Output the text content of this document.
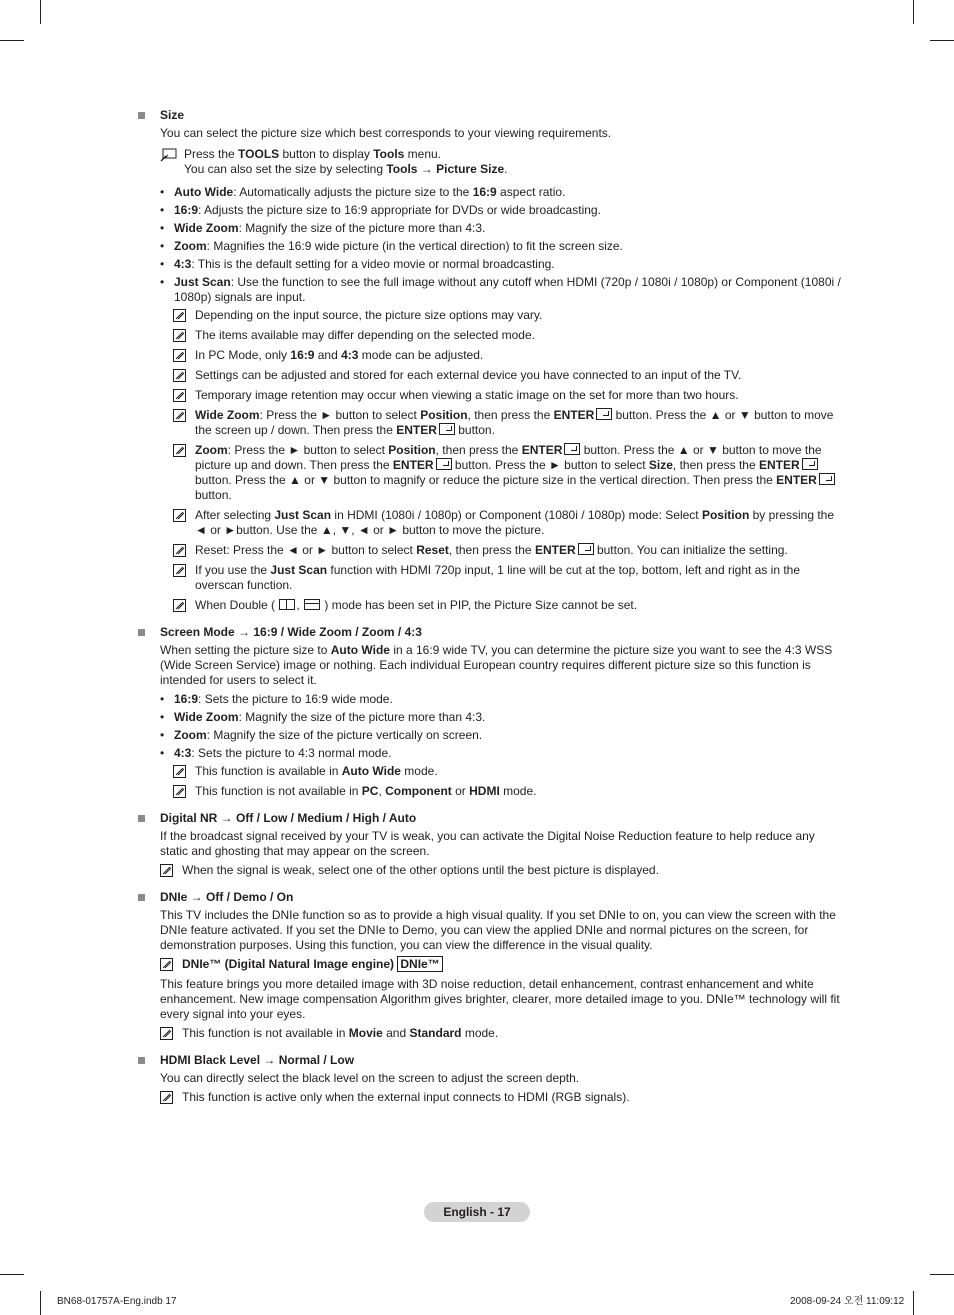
Size
You can select the picture size which best corresponds to your viewing requirements.
Press the TOOLS button to display Tools menu.
You can also set the size by selecting Tools → Picture Size.
• Auto Wide: Automatically adjusts the picture size to the 16:9 aspect ratio.
• 16:9: Adjusts the picture size to 16:9 appropriate for DVDs or wide broadcasting.
• Wide Zoom: Magnify the size of the picture more than 4:3.
• Zoom: Magnifies the 16:9 wide picture (in the vertical direction) to fit the screen size.
• 4:3: This is the default setting for a video movie or normal broadcasting.
• Just Scan: Use the function to see the full image without any cutoff when HDMI (720p / 1080i / 1080p) or Component (1080i / 1080p) signals are input.
Depending on the input source, the picture size options may vary.
The items available may differ depending on the selected mode.
In PC Mode, only 16:9 and 4:3 mode can be adjusted.
Settings can be adjusted and stored for each external device you have connected to an input of the TV.
Temporary image retention may occur when viewing a static image on the set for more than two hours.
Wide Zoom: Press the ► button to select Position, then press the ENTER button. Press the ▲ or ▼ button to move the screen up / down. Then press the ENTER button.
Zoom: Press the ► button to select Position, then press the ENTER button. Press the ▲ or ▼ button to move the picture up and down. Then press the ENTER button. Press the ► button to select Size, then press the ENTER button. Press the ▲ or ▼ button to magnify or reduce the picture size in the vertical direction. Then press the ENTER button.
After selecting Just Scan in HDMI (1080i / 1080p) or Component (1080i / 1080p) mode: Select Position by pressing the ◄ or ►button. Use the ▲, ▼, ◄ or ► button to move the picture.
Reset: Press the ◄ or ► button to select Reset, then press the ENTER button. You can initialize the setting.
If you use the Just Scan function with HDMI 720p input, 1 line will be cut at the top, bottom, left and right as in the overscan function.
When Double ( , ) mode has been set in PIP, the Picture Size cannot be set.
Screen Mode → 16:9 / Wide Zoom / Zoom / 4:3
When setting the picture size to Auto Wide in a 16:9 wide TV, you can determine the picture size you want to see the 4:3 WSS (Wide Screen Service) image or nothing. Each individual European country requires different picture size so this function is intended for users to select it.
• 16:9: Sets the picture to 16:9 wide mode.
• Wide Zoom: Magnify the size of the picture more than 4:3.
• Zoom: Magnify the size of the picture vertically on screen.
• 4:3: Sets the picture to 4:3 normal mode.
This function is available in Auto Wide mode.
This function is not available in PC, Component or HDMI mode.
Digital NR → Off / Low / Medium / High / Auto
If the broadcast signal received by your TV is weak, you can activate the Digital Noise Reduction feature to help reduce any static and ghosting that may appear on the screen.
When the signal is weak, select one of the other options until the best picture is displayed.
DNIe → Off / Demo / On
This TV includes the DNIe function so as to provide a high visual quality. If you set DNIe to on, you can view the screen with the DNIe feature activated. If you set the DNIe to Demo, you can view the applied DNIe and normal pictures on the screen, for demonstration purposes. Using this function, you can view the difference in the visual quality.
DNIe™ (Digital Natural Image engine) DNIe™
This feature brings you more detailed image with 3D noise reduction, detail enhancement, contrast enhancement and white enhancement. New image compensation Algorithm gives brighter, clearer, more detailed image to you. DNIe™ technology will fit every signal into your eyes.
This function is not available in Movie and Standard mode.
HDMI Black Level → Normal / Low
You can directly select the black level on the screen to adjust the screen depth.
This function is active only when the external input connects to HDMI (RGB signals).
English - 17
BN68-01757A-Eng.indb 17	2008-09-24 오전 11:09:12
